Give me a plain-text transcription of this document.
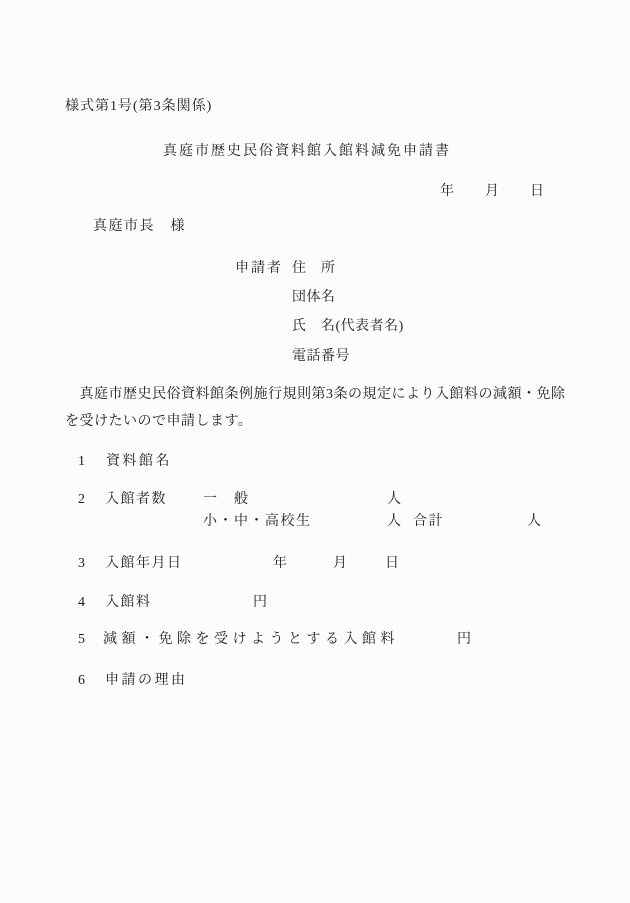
様式第1号(第3条関係)
真庭市歴史民俗資料館入館料減免申請書
年　　月　　日
真庭市長　様
申請者 住　所
団体名
氏　名(代表者名)
電話番号
　真庭市歴史民俗資料館条例施行規則第3条の規定により入館料の減額・免除
を受けたいので申請します。
1 資料館名
2 入館者数	一　般	人
小・中・高校生	人 合計	人
3 入館年月日	年	月	日
4 入館料	円
5 減額・免除を受けようとする入館料	円
6 申請の理由
